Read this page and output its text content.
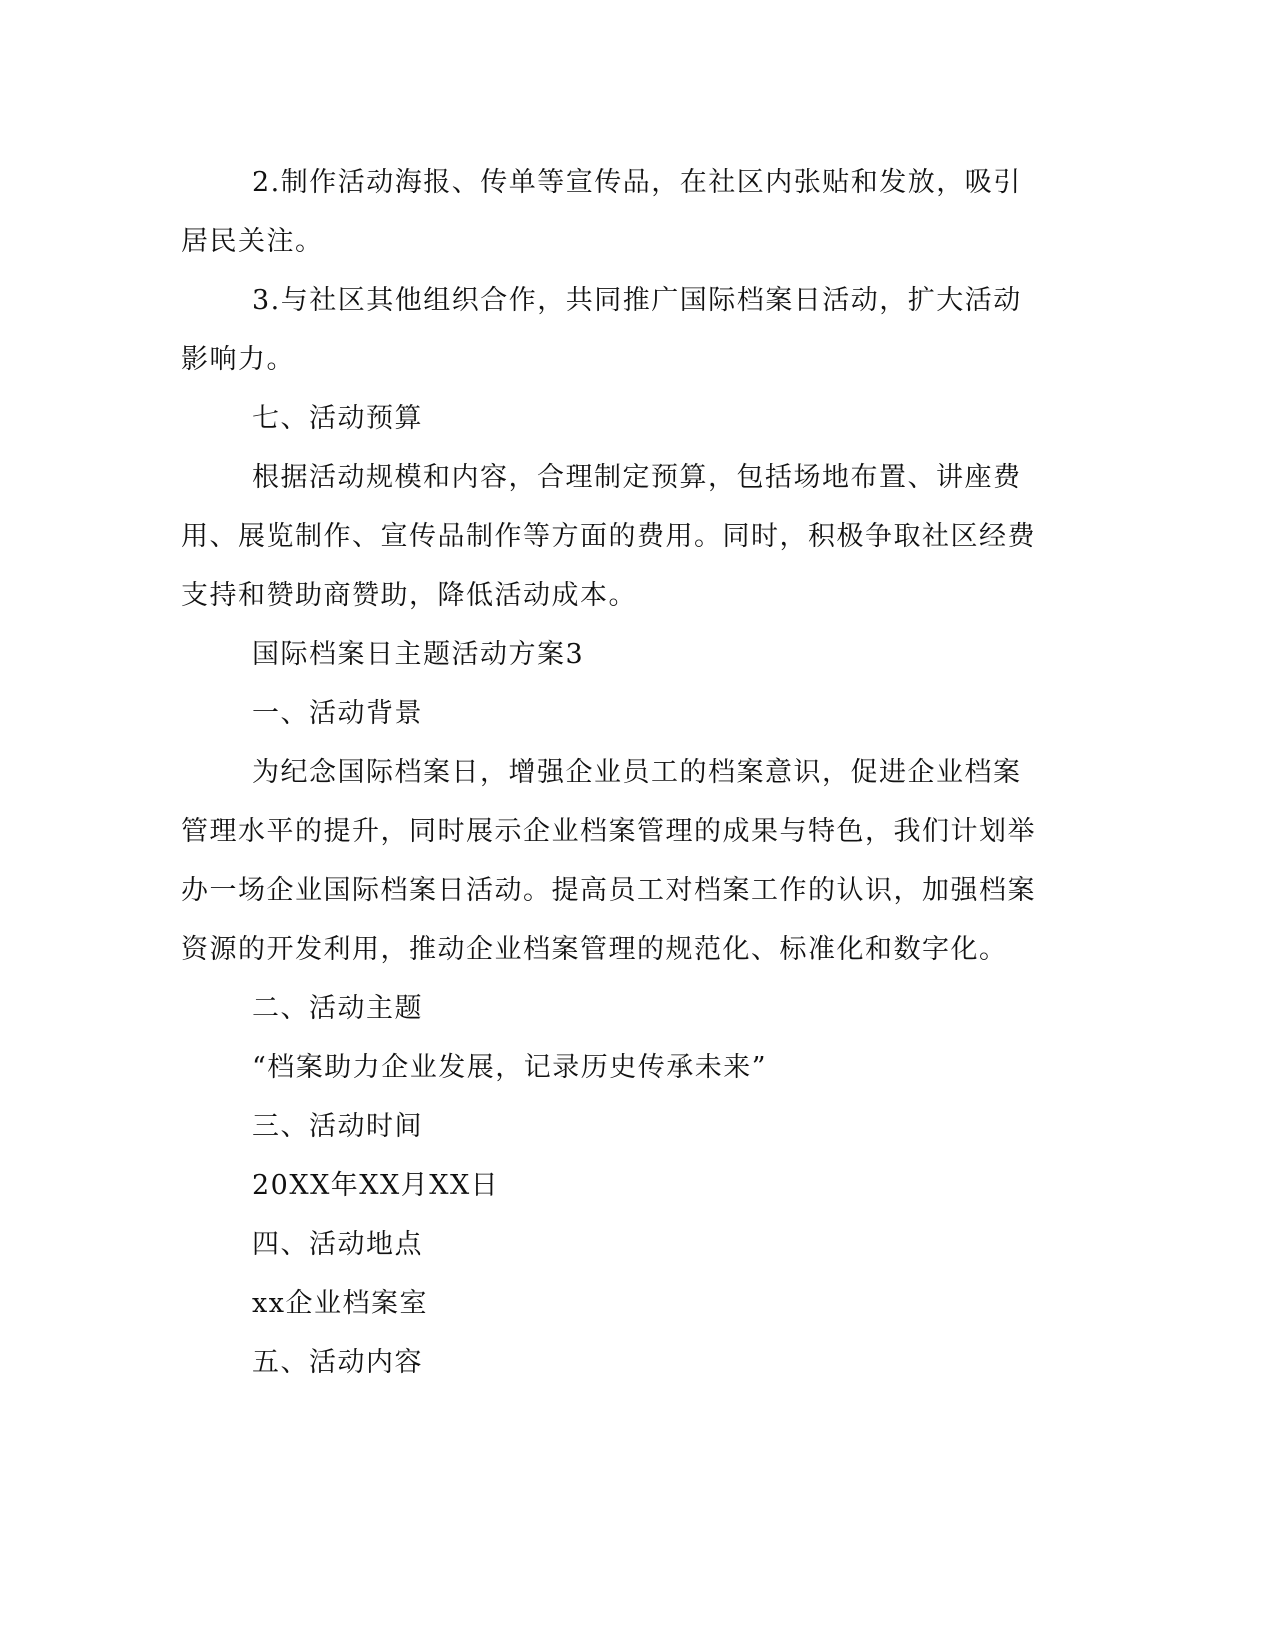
2.制作活动海报、传单等宣传品，在社区内张贴和发放，吸引居民关注。

3.与社区其他组织合作，共同推广国际档案日活动，扩大活动影响力。

七、活动预算

根据活动规模和内容，合理制定预算，包括场地布置、讲座费用、展览制作、宣传品制作等方面的费用。同时，积极争取社区经费支持和赞助商赞助，降低活动成本。

国际档案日主题活动方案3

一、活动背景

为纪念国际档案日，增强企业员工的档案意识，促进企业档案管理水平的提升，同时展示企业档案管理的成果与特色，我们计划举办一场企业国际档案日活动。提高员工对档案工作的认识，加强档案资源的开发利用，推动企业档案管理的规范化、标准化和数字化。

二、活动主题

“档案助力企业发展，记录历史传承未来”

三、活动时间

20XX年XX月XX日

四、活动地点

xx企业档案室

五、活动内容
